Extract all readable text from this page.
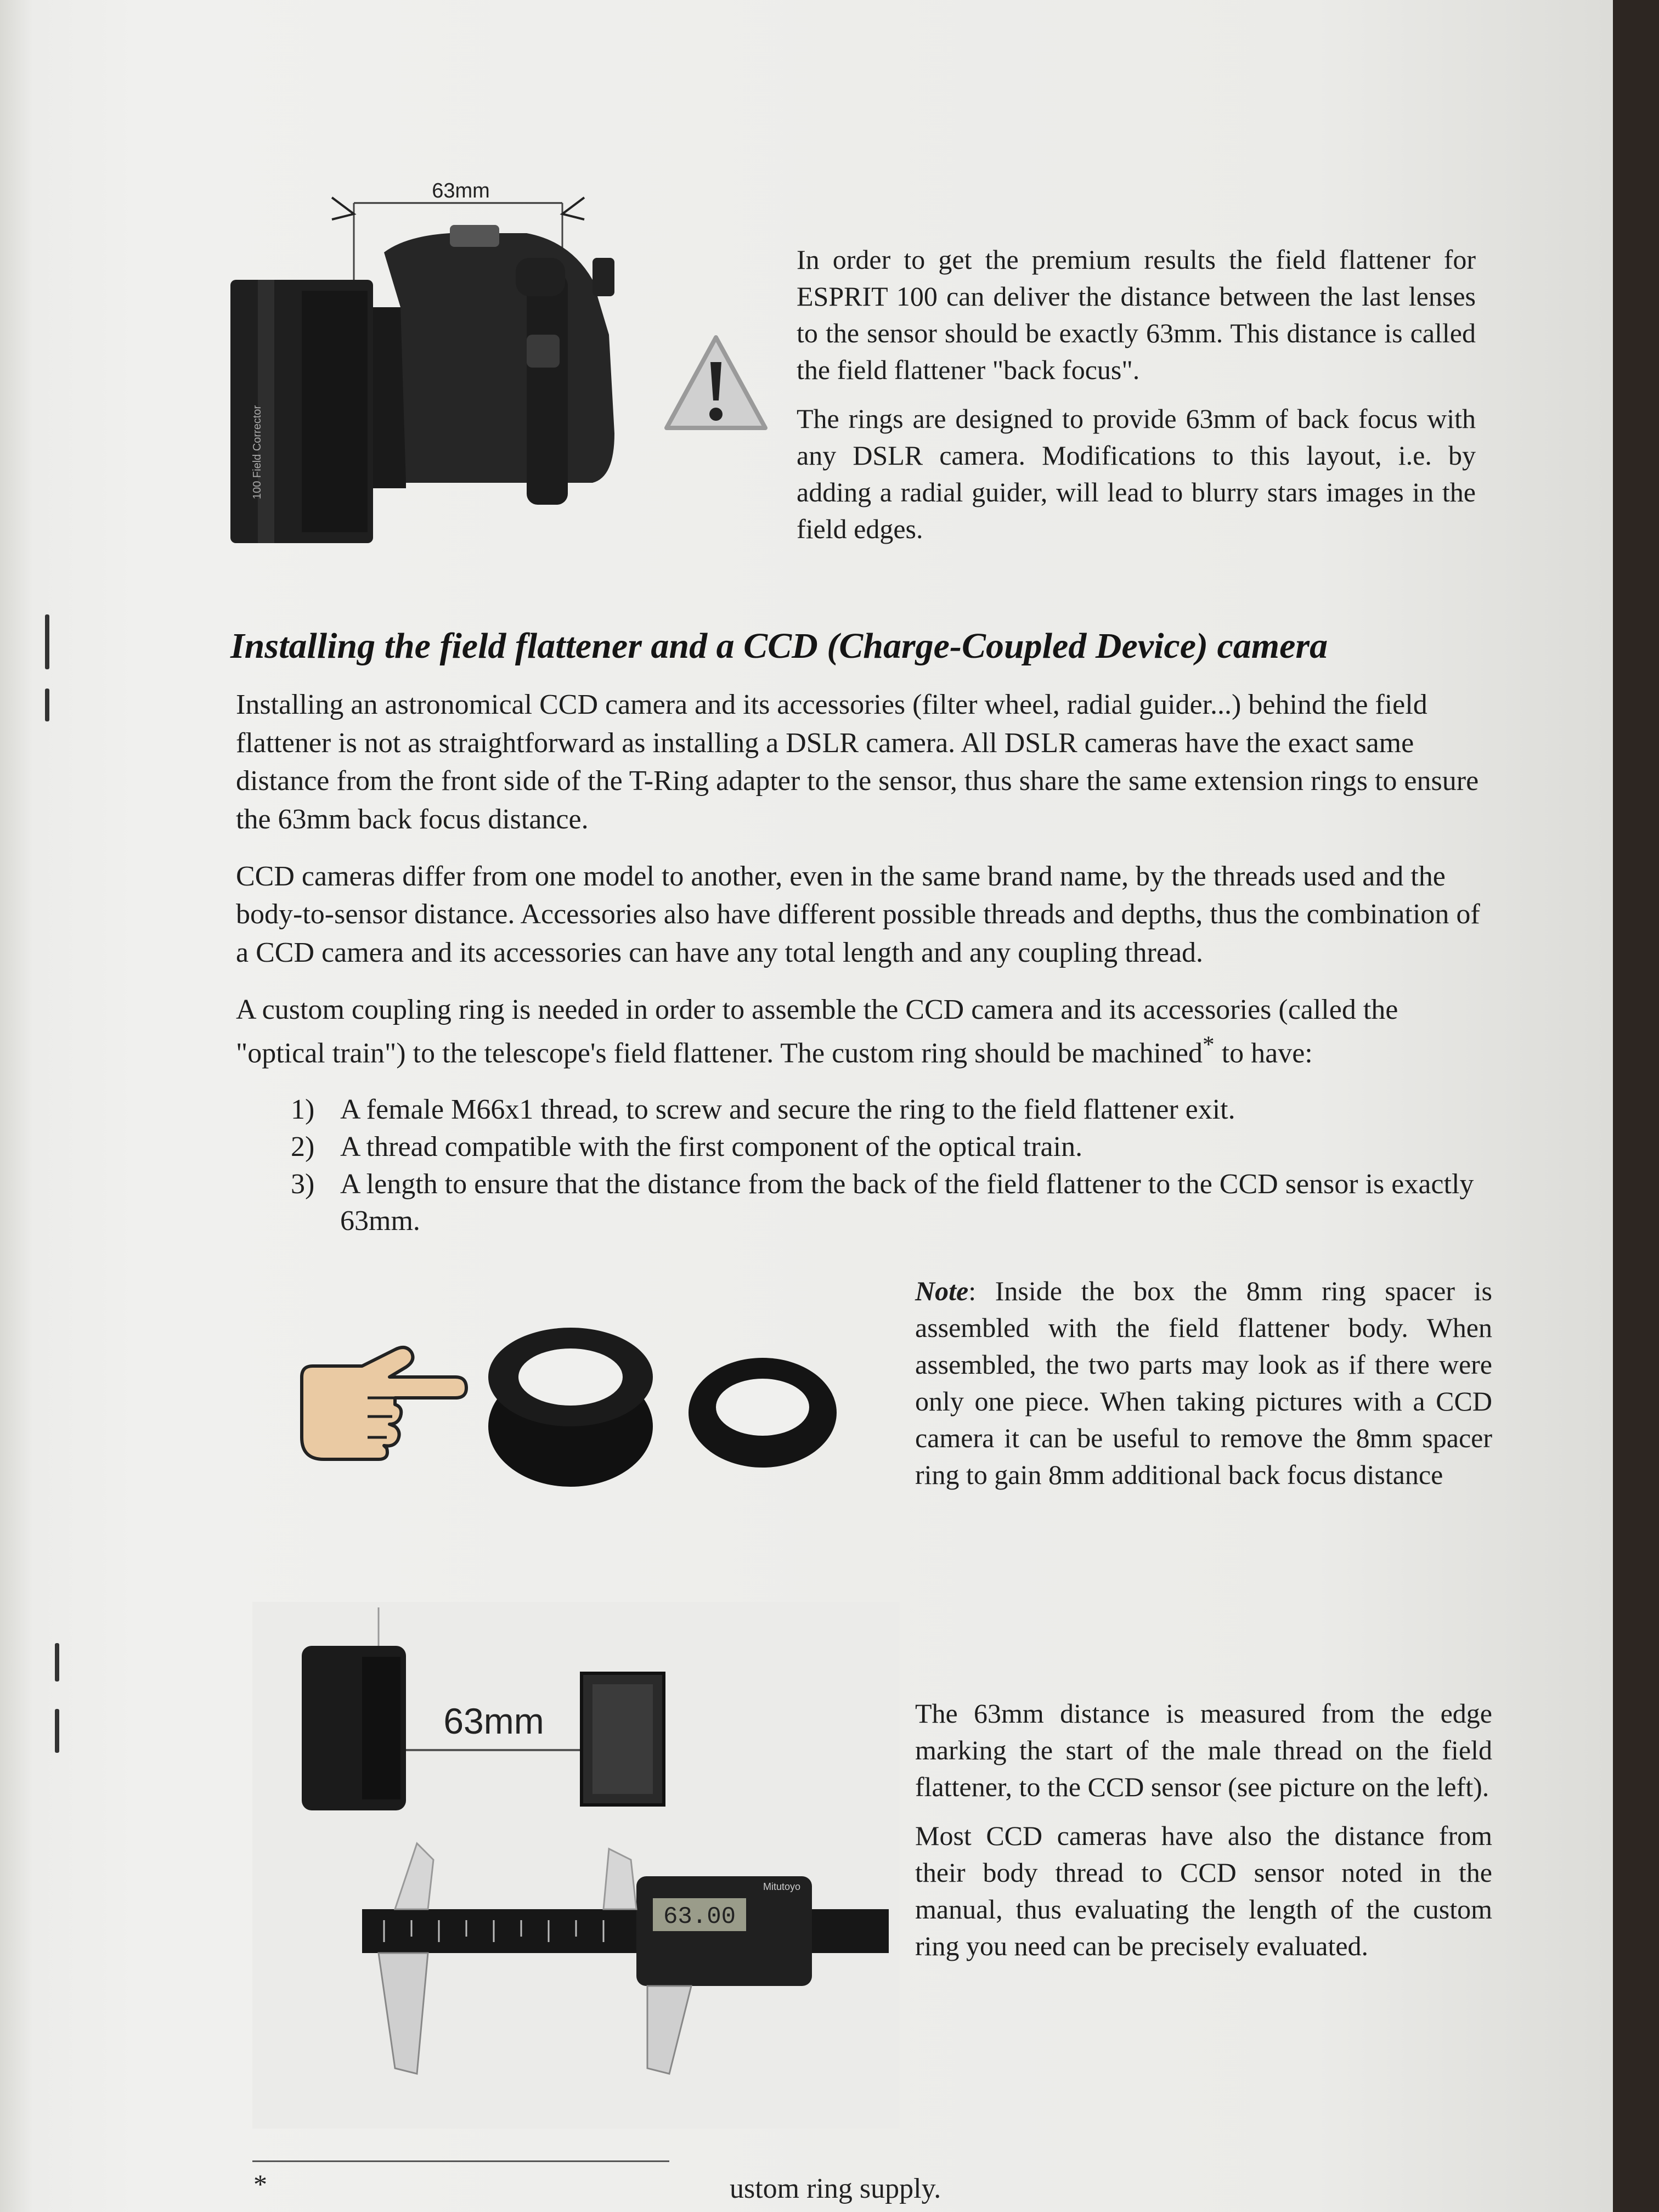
63mm
100 Field Corrector

In order to get the premium results the field flattener for ESPRIT 100 can deliver the distance between the last lenses to the sensor should be exactly 63mm. This distance is called the field flattener "back focus".

The rings are designed to provide 63mm of back focus with any DSLR camera. Modifications to this layout, i.e. by adding a radial guider, will lead to blurry stars images in the field edges.

Installing the field flattener and a CCD (Charge-Coupled Device) camera

Installing an astronomical CCD camera and its accessories (filter wheel, radial guider...) behind the field flattener is not as straightforward as installing a DSLR camera. All DSLR cameras have the exact same distance from the front side of the T-Ring adapter to the sensor, thus share the same extension rings to ensure the 63mm back focus distance.

CCD cameras differ from one model to another, even in the same brand name, by the threads used and the body-to-sensor distance. Accessories also have different possible threads and depths, thus the combination of a CCD camera and its accessories can have any total length and any coupling thread.

A custom coupling ring is needed in order to assemble the CCD camera and its accessories (called the "optical train") to the telescope's field flattener. The custom ring should be machined* to have:

1) A female M66x1 thread, to screw and secure the ring to the field flattener exit.
2) A thread compatible with the first component of the optical train.
3) A length to ensure that the distance from the back of the field flattener to the CCD sensor is exactly 63mm.

Note: Inside the box the 8mm ring spacer is assembled with the field flattener body. When assembled, the two parts may look as if there were only one piece. When taking pictures with a CCD camera it can be useful to remove the 8mm spacer ring to gain 8mm additional back focus distance

63mm
63.00
Mitutoyo

The 63mm distance is measured from the edge marking the start of the male thread on the field flattener, to the CCD sensor (see picture on the left).

Most CCD cameras have also the distance from their body thread to CCD sensor noted in the manual, thus evaluating the length of the custom ring you need can be precisely evaluated.

*	ustom ring supply.
